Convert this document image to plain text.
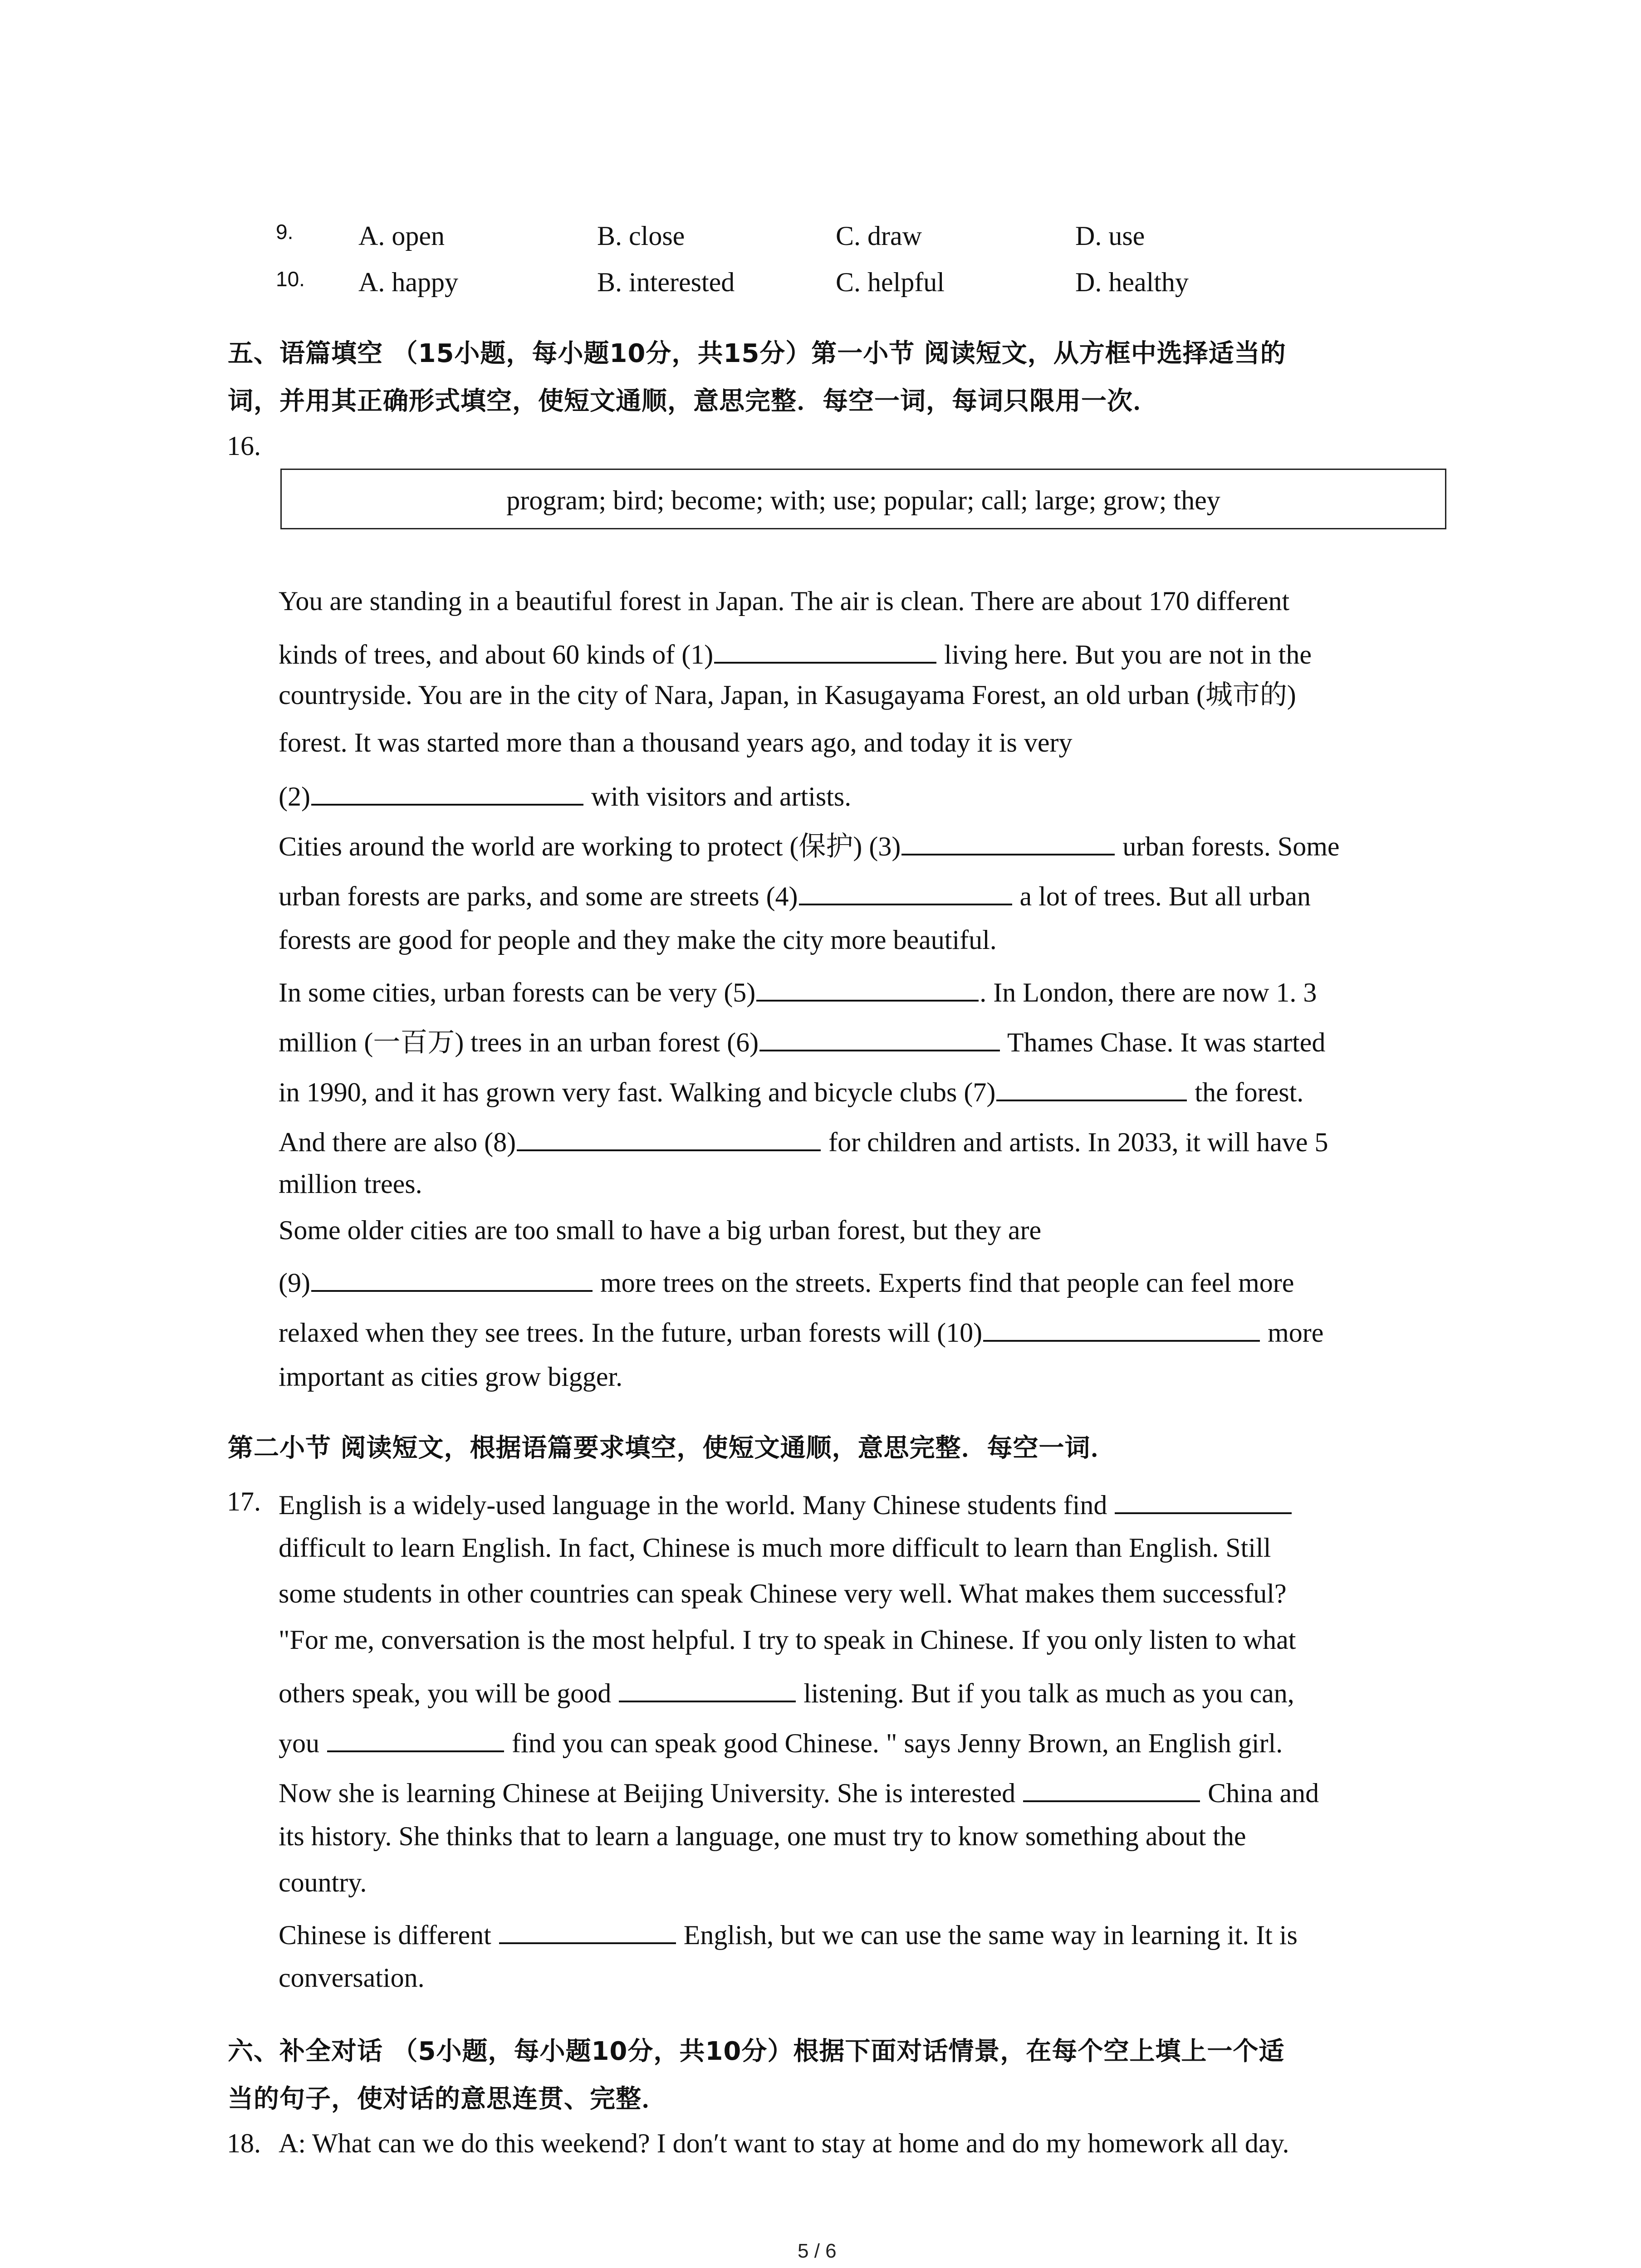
9. A. open	B. close	C. draw	D. use
10. A. happy	B. interested	C. helpful	D. healthy
五、语篇填空 （15小题，每小题10分，共15分）第一小节 阅读短文，从方框中选择适当的
词，并用其正确形式填空，使短文通顺，意思完整．每空一词，每词只限用一次．
16.
program; bird; become; with; use; popular; call; large; grow; they
You are standing in a beautiful forest in Japan. The air is clean. There are about 170 different
kinds of trees, and about 60 kinds of (1)	living here. But you are not in the
countryside. You are in the city of Nara, Japan, in Kasugayama Forest, an old urban (城市的)
forest. It was started more than a thousand years ago, and today it is very
(2)	with visitors and artists.
Cities around the world are working to protect (保护) (3)	urban forests. Some
urban forests are parks, and some are streets (4)	a lot of trees. But all urban
forests are good for people and they make the city more beautiful.
In some cities, urban forests can be very (5)	. In London, there are now 1. 3
million (一百万) trees in an urban forest (6)	Thames Chase. It was started
in 1990, and it has grown very fast. Walking and bicycle clubs (7)	the forest.
And there are also (8)	for children and artists. In 2033, it will have 5
million trees.
Some older cities are too small to have a big urban forest, but they are
(9)	more trees on the streets. Experts find that people can feel more
relaxed when they see trees. In the future, urban forests will (10)	more
important as cities grow bigger.
第二小节 阅读短文，根据语篇要求填空，使短文通顺，意思完整．每空一词．
17. English is a widely-used language in the world. Many Chinese students find
difficult to learn English. In fact, Chinese is much more difficult to learn than English. Still
some students in other countries can speak Chinese very well. What makes them successful?
"For me, conversation is the most helpful. I try to speak in Chinese. If you only listen to what
others speak, you will be good	listening. But if you talk as much as you can,
you	find you can speak good Chinese. " says Jenny Brown, an English girl.
Now she is learning Chinese at Beijing University. She is interested	China and
its history. She thinks that to learn a language, one must try to know something about the
country.
Chinese is different	English, but we can use the same way in learning it. It is
conversation.
六、补全对话 （5小题，每小题10分，共10分）根据下面对话情景，在每个空上填上一个适
当的句子，使对话的意思连贯、完整．
18. A: What can we do this weekend? I don′t want to stay at home and do my homework all day.
5 / 6
